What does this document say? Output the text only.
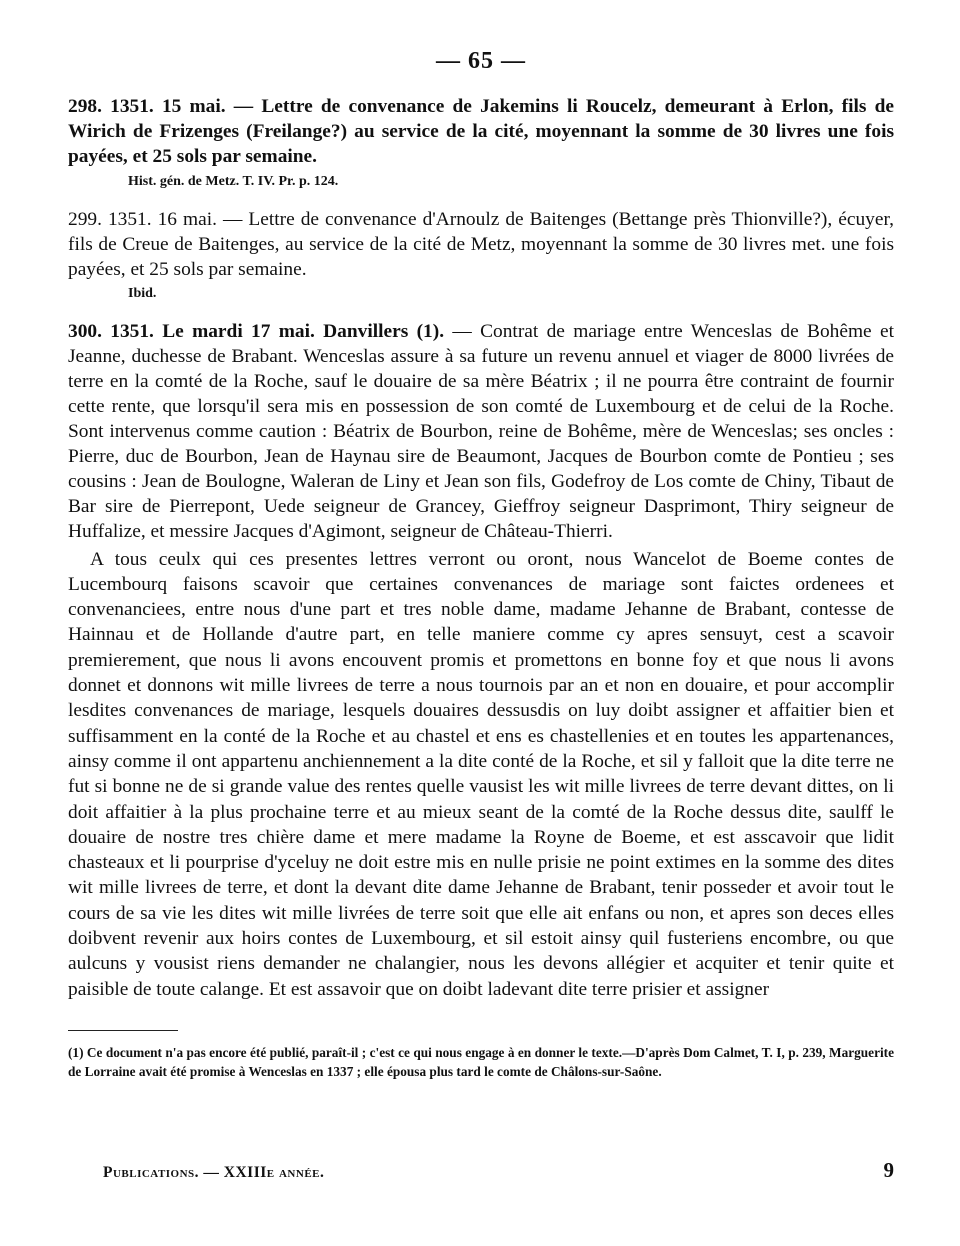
— 65 —

298. 1351. 15 mai. — Lettre de convenance de Jakemins li Roucelz, demeurant à Erlon, fils de Wirich de Frizenges (Freilange?) au service de la cité, moyennant la somme de 30 livres une fois payées, et 25 sols par semaine.

Hist. gén. de Metz. T. IV. Pr. p. 124.

299. 1351. 16 mai. — Lettre de convenance d'Arnoulz de Baitenges (Bettange près Thionville?), écuyer, fils de Creue de Baitenges, au service de la cité de Metz, moyennant la somme de 30 livres met. une fois payées, et 25 sols par semaine.

Ibid.

300. 1351. Le mardi 17 mai. Danvillers (1). — Contrat de mariage entre Wenceslas de Bohême et Jeanne, duchesse de Brabant. Wenceslas assure à sa future un revenu annuel et viager de 8000 livrées de terre en la comté de la Roche, sauf le douaire de sa mère Béatrix ; il ne pourra être contraint de fournir cette rente, que lorsqu'il sera mis en possession de son comté de Luxembourg et de celui de la Roche. Sont intervenus comme caution : Béatrix de Bourbon, reine de Bohême, mère de Wenceslas; ses oncles : Pierre, duc de Bourbon, Jean de Haynau sire de Beaumont, Jacques de Bourbon comte de Pontieu ; ses cousins : Jean de Boulogne, Waleran de Liny et Jean son fils, Godefroy de Los comte de Chiny, Tibaut de Bar sire de Pierrepont, Uede seigneur de Grancey, Gieffroy seigneur Dasprimont, Thiry seigneur de Huffalize, et messire Jacques d'Agimont, seigneur de Château-Thierri.

A tous ceulx qui ces presentes lettres verront ou oront, nous Wancelot de Boeme contes de Lucembourq faisons scavoir que certaines convenances de mariage sont faictes ordenees et convenanciees, entre nous d'une part et tres noble dame, madame Jehanne de Brabant, contesse de Hainnau et de Hollande d'autre part, en telle maniere comme cy apres sensuyt, cest a scavoir premierement, que nous li avons encouvent promis et promettons en bonne foy et que nous li avons donnet et donnons wit mille livrees de terre a nous tournois par an et non en douaire, et pour accomplir lesdites convenances de mariage, lesquels douaires dessusdis on luy doibt assigner et affaitier bien et suffisamment en la conté de la Roche et au chastel et ens es chastellenies et en toutes les appartenances, ainsy comme il ont appartenu anchiennement a la dite conté de la Roche, et sil y falloit que la dite terre ne fut si bonne ne de si grande value des rentes quelle vausist les wit mille livrees de terre devant dittes, on li doit affaitier à la plus prochaine terre et au mieux seant de la comté de la Roche dessus dite, saulff le douaire de nostre tres chière dame et mere madame la Royne de Boeme, et est asscavoir que lidit chasteaux et li pourprise d'yceluy ne doit estre mis en nulle prisie ne point extimes en la somme des dites wit mille livrees de terre, et dont la devant dite dame Jehanne de Brabant, tenir posseder et avoir tout le cours de sa vie les dites wit mille livrées de terre soit que elle ait enfans ou non, et apres son deces elles doibvent revenir aux hoirs contes de Luxembourg, et sil estoit ainsy quil fusteriens encombre, ou que aulcuns y vousist riens demander ne chalangier, nous les devons allégier et acquiter et tenir quite et paisible de toute calange. Et est assavoir que on doibt ladevant dite terre prisier et assigner

(1) Ce document n'a pas encore été publié, paraît-il ; c'est ce qui nous engage à en donner le texte.—D'après Dom Calmet, T. I, p. 239, Marguerite de Lorraine avait été promise à Wenceslas en 1337 ; elle épousa plus tard le comte de Châlons-sur-Saône.

Publications. — XXIIIe année.	9
